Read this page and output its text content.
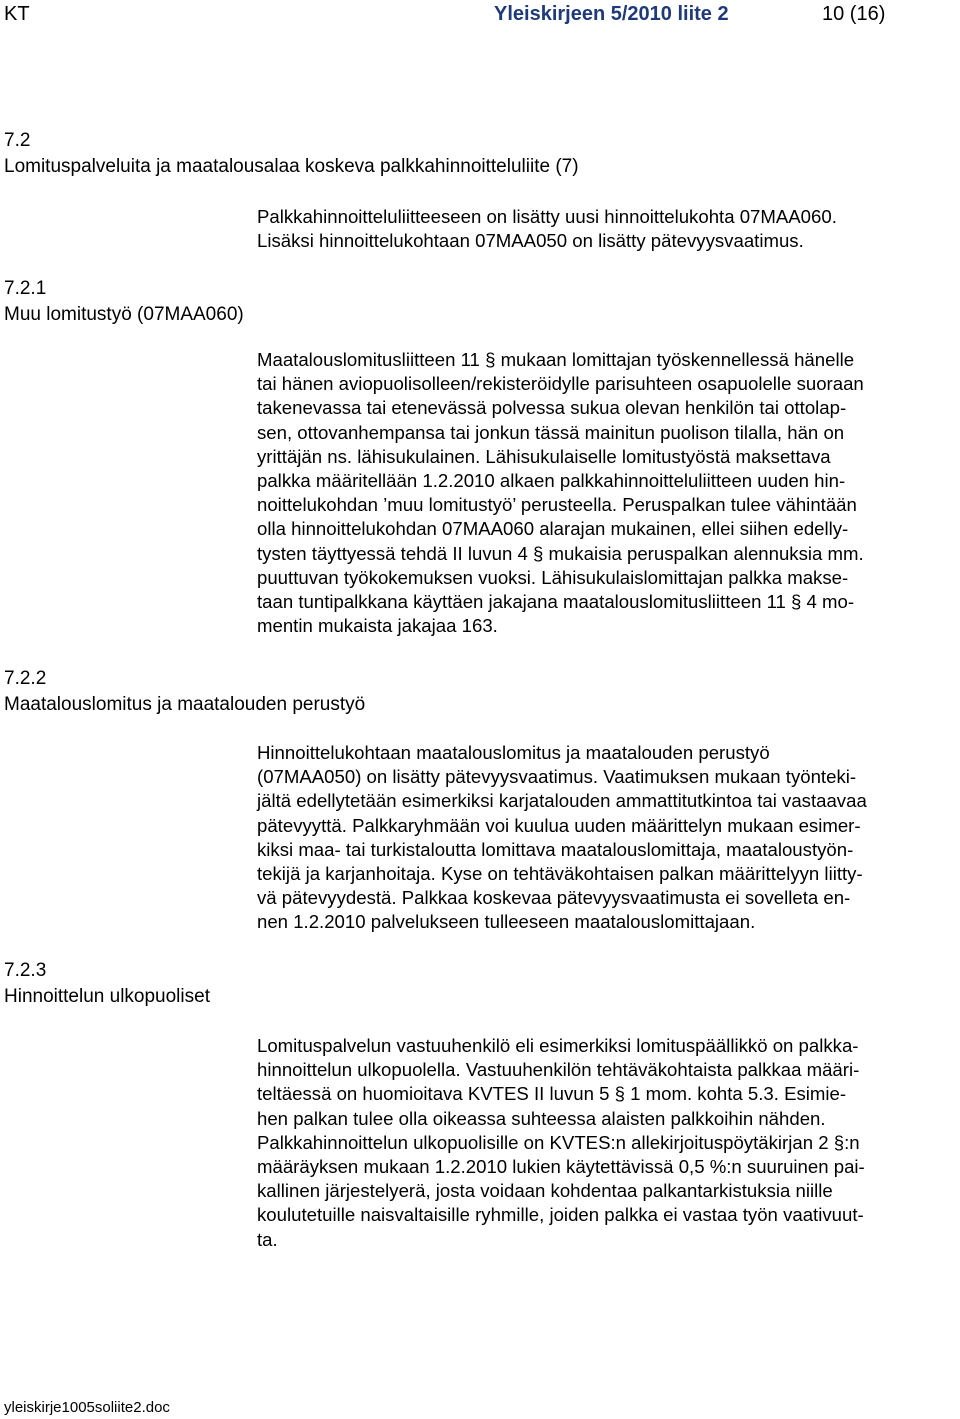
KT	Yleiskirjeen 5/2010 liite 2	10 (16)
7.2
Lomituspalveluita ja maatalousalaa koskeva palkkahinnoitteluliite (7)
Palkkahinnoitteluliitteeseen on lisätty uusi hinnoittelukohta 07MAA060.
Lisäksi hinnoittelukohtaan 07MAA050 on lisätty pätevyysvaatimus.
7.2.1
Muu lomitustyö (07MAA060)
Maatalouslomitusliitteen 11 § mukaan lomittajan työskennellessä hänelle
tai hänen aviopuolisolleen/rekisteröidylle parisuhteen osapuolelle suoraan
takenevassa tai etenevässä polvessa sukua olevan henkilön tai ottolap-
sen, ottovanhempansa tai jonkun tässä mainitun puolison tilalla, hän on
yrittäjän ns. lähisukulainen. Lähisukulaiselle lomitustyöstä maksettava
palkka määritellään 1.2.2010 alkaen palkkahinnoitteluliitteen uuden hin-
noittelukohdan ’muu lomitustyö’ perusteella. Peruspalkan tulee vähintään
olla hinnoittelukohdan 07MAA060 alarajan mukainen, ellei siihen edelly-
tysten täyttyessä tehdä II luvun 4 § mukaisia peruspalkan alennuksia mm.
puuttuvan työkokemuksen vuoksi. Lähisukulaislomittajan palkka makse-
taan tuntipalkkana käyttäen jakajana maatalouslomitusliitteen 11 § 4 mo-
mentin mukaista jakajaa 163.
7.2.2
Maatalouslomitus ja maatalouden perustyö
Hinnoittelukohtaan maatalouslomitus ja maatalouden perustyö
(07MAA050) on lisätty pätevyysvaatimus. Vaatimuksen mukaan työnteki-
jältä edellytetään esimerkiksi karjatalouden ammattitutkintoa tai vastaavaa
pätevyyttä. Palkkaryhmään voi kuulua uuden määrittelyn mukaan esimer-
kiksi maa- tai turkistaloutta lomittava maatalouslomittaja, maataloustyön-
tekijä ja karjanhoitaja. Kyse on tehtäväkohtaisen palkan määrittelyyn liitty-
vä pätevyydestä. Palkkaa koskevaa pätevyysvaatimusta ei sovelleta en-
nen 1.2.2010 palvelukseen tulleeseen maatalouslomittajaan.
7.2.3
Hinnoittelun ulkopuoliset
Lomituspalvelun vastuuhenkilö eli esimerkiksi lomituspäällikkö on palkka-
hinnoittelun ulkopuolella. Vastuuhenkilön tehtäväkohtaista palkkaa määri-
teltäessä on huomioitava KVTES II luvun 5 § 1 mom. kohta 5.3. Esimie-
hen palkan tulee olla oikeassa suhteessa alaisten palkkoihin nähden.
Palkkahinnoittelun ulkopuolisille on KVTES:n allekirjoituspöytäkirjan 2 §:n
määräyksen mukaan 1.2.2010 lukien käytettävissä 0,5 %:n suuruinen pai-
kallinen järjestelyerä, josta voidaan kohdentaa palkantarkistuksia niille
koulutetuille naisvaltaisille ryhmille, joiden palkka ei vastaa työn vaativuut-
ta.
yleiskirje1005soliite2.doc
